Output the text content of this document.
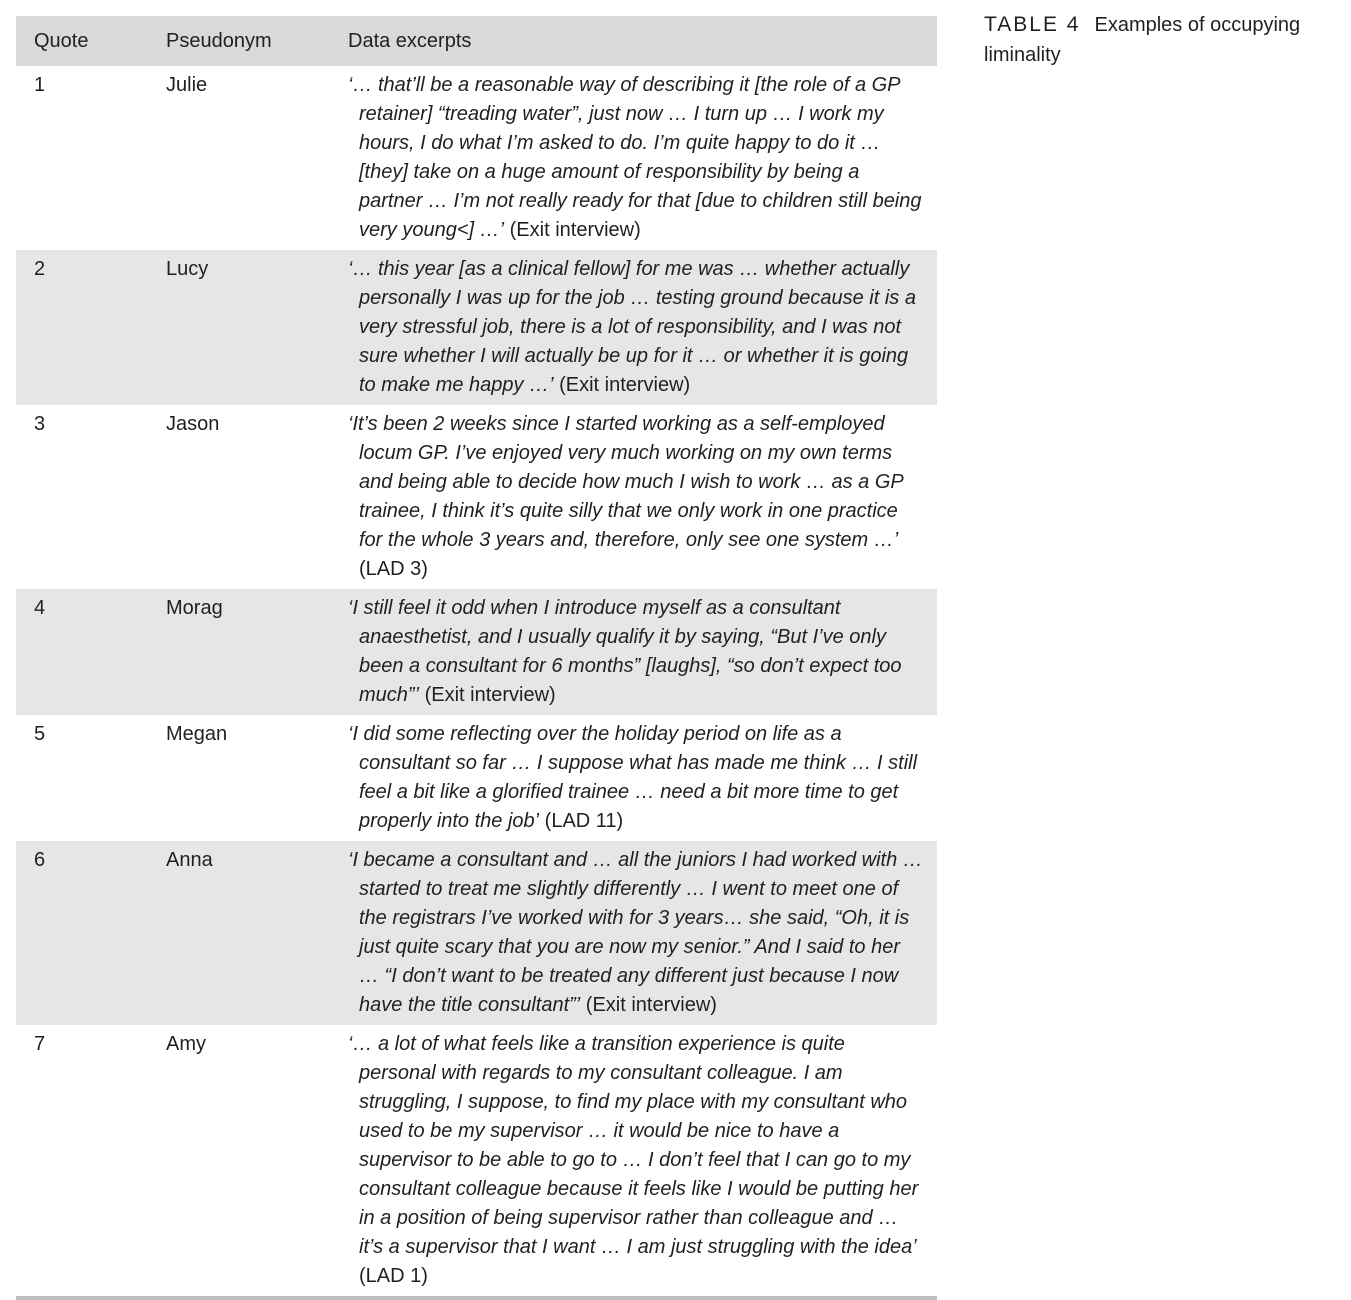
Quote	Pseudonym	Data excerpts
1	Julie	‘… that’ll be a reasonable way of describing it [the role of a GP retainer] “treading water”, just now … I turn up … I work my hours, I do what I’m asked to do. I’m quite happy to do it … [they] take on a huge amount of responsibility by being a partner … I’m not really ready for that [due to children still being very young<] …’ (Exit interview)
2	Lucy	‘… this year [as a clinical fellow] for me was … whether actually personally I was up for the job … testing ground because it is a very stressful job, there is a lot of responsibility, and I was not sure whether I will actually be up for it … or whether it is going to make me happy …’ (Exit interview)
3	Jason	‘It’s been 2 weeks since I started working as a self-employed locum GP. I’ve enjoyed very much working on my own terms and being able to decide how much I wish to work … as a GP trainee, I think it’s quite silly that we only work in one practice for the whole 3 years and, therefore, only see one system …’ (LAD 3)
4	Morag	‘I still feel it odd when I introduce myself as a consultant anaesthetist, and I usually qualify it by saying, “But I’ve only been a consultant for 6 months” [laughs], “so don’t expect too much”’ (Exit interview)
5	Megan	‘I did some reflecting over the holiday period on life as a consultant so far … I suppose what has made me think … I still feel a bit like a glorified trainee … need a bit more time to get properly into the job’ (LAD 11)
6	Anna	‘I became a consultant and … all the juniors I had worked with … started to treat me slightly differently … I went to meet one of the registrars I’ve worked with for 3 years… she said, “Oh, it is just quite scary that you are now my senior.” And I said to her … “I don’t want to be treated any different just because I now have the title consultant”’ (Exit interview)
7	Amy	‘… a lot of what feels like a transition experience is quite personal with regards to my consultant colleague. I am struggling, I suppose, to find my place with my consultant who used to be my supervisor … it would be nice to have a supervisor to be able to go to … I don’t feel that I can go to my consultant colleague because it feels like I would be putting her in a position of being supervisor rather than colleague and … it’s a supervisor that I want … I am just struggling with the idea’ (LAD 1)

TABLE 4 Examples of occupying liminality
